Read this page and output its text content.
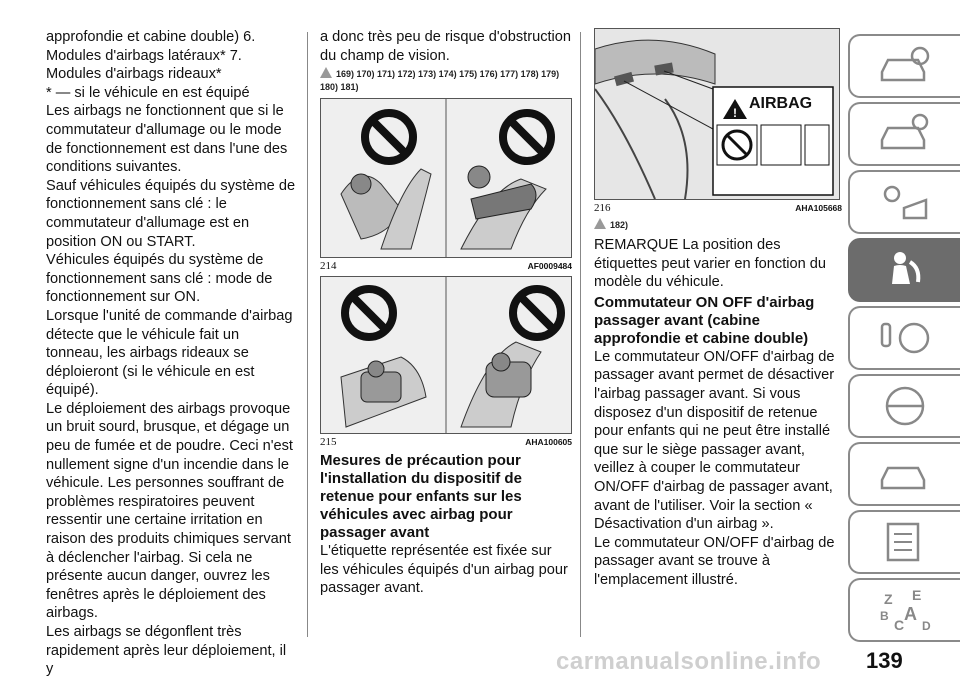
approfondie et cabine double) 6. Modules d'airbags latéraux* 7. Modules d'airbags rideaux*

* — si le véhicule en est équipé

Les airbags ne fonctionnent que si le commutateur d'allumage ou le mode de fonctionnement est dans l'une des conditions suivantes.

Sauf véhicules équipés du système de fonctionnement sans clé : le commutateur d'allumage est en position ON ou START.

Véhicules équipés du système de fonctionnement sans clé : mode de fonctionnement sur ON.

Lorsque l'unité de commande d'airbag détecte que le véhicule fait un tonneau, les airbags rideaux se déploieront (si le véhicule en est équipé).

Le déploiement des airbags provoque un bruit sourd, brusque, et dégage un peu de fumée et de poudre. Ceci n'est nullement signe d'un incendie dans le véhicule. Les personnes souffrant de problèmes respiratoires peuvent ressentir une certaine irritation en raison des produits chimiques servant à déclencher l'airbag. Si cela ne présente aucun danger, ouvrez les fenêtres après le déploiement des airbags.

Les airbags se dégonflent très rapidement après leur déploiement, il y

a donc très peu de risque d'obstruction du champ de vision.

169) 170) 171) 172) 173) 174) 175) 176) 177) 178) 179) 180) 181)
214	AF0009484
215	AHA100605

Mesures de précaution pour l'installation du dispositif de retenue pour enfants sur les véhicules avec airbag pour passager avant

L'étiquette représentée est fixée sur les véhicules équipés d'un airbag pour passager avant.

!
AIRBAG
216	AHA105668
182)

REMARQUE La position des étiquettes peut varier en fonction du modèle du véhicule.

Commutateur ON OFF d'airbag passager avant (cabine approfondie et cabine double)

Le commutateur ON/OFF d'airbag de passager avant permet de désactiver l'airbag passager avant. Si vous disposez d'un dispositif de retenue pour enfants qui ne peut être installé que sur le siège passager avant, veillez à couper le commutateur ON/OFF d'airbag de passager avant, avant de l'utiliser. Voir la section « Désactivation d'un airbag ».

Le commutateur ON/OFF d'airbag de passager avant se trouve à l'emplacement illustré.

Z E
B
C
A
D
carmanualsonline.info 139
